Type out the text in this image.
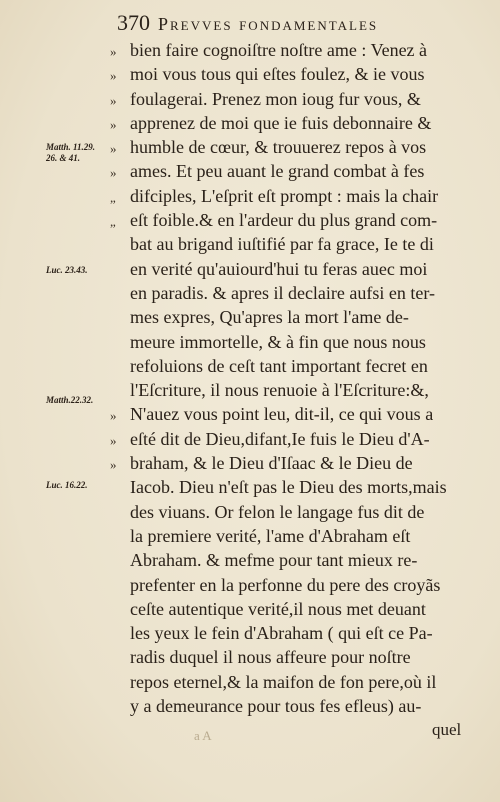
370 Prevves fondamentales
Matth. 11.29.
26. & 41.
Luc. 23.43.
Matth.22.32.
Luc. 16.22.
» bien faire cognoiſtre noſtre ame : Venez à
» moi vous tous qui eſtes foulez, & ie vous
» foulagerai. Prenez mon ioug fur vous, &
» apprenez de moi que ie fuis debonnaire &
» humble de cœur, & trouuerez repos à vos
» ames. Et peu auant le grand combat à fes
„ difciples, L'eſprit eſt prompt : mais la chair
„ eſt foible.& en l'ardeur du plus grand com-
bat au brigand iuſtifié par fa grace, Ie te di
en verité qu'auiourd'hui tu feras auec moi
en paradis. & apres il declaire aufsi en ter-
mes expres, Qu'apres la mort l'ame de-
meure immortelle, & à fin que nous nous
refoluions de ceſt tant important fecret en
l'Eſcriture, il nous renuoie à l'Eſcriture:&,
» N'auez vous point leu, dit-il, ce qui vous a
» eſté dit de Dieu,difant,Ie fuis le Dieu d'A-
» braham, & le Dieu d'Iſaac & le Dieu de
Iacob. Dieu n'eſt pas le Dieu des morts,mais
des viuans. Or felon le langage fus dit de
la premiere verité, l'ame d'Abraham eſt
Abraham. & mefme pour tant mieux re-
prefenter en la perfonne du pere des croyãs
ceſte autentique verité,il nous met deuant
les yeux le fein d'Abraham ( qui eſt ce Pa-
radis duquel il nous affeure pour noſtre
repos eternel,& la maifon de fon pere,où il
y a demeurance pour tous fes efleus) au-
a A	quel
